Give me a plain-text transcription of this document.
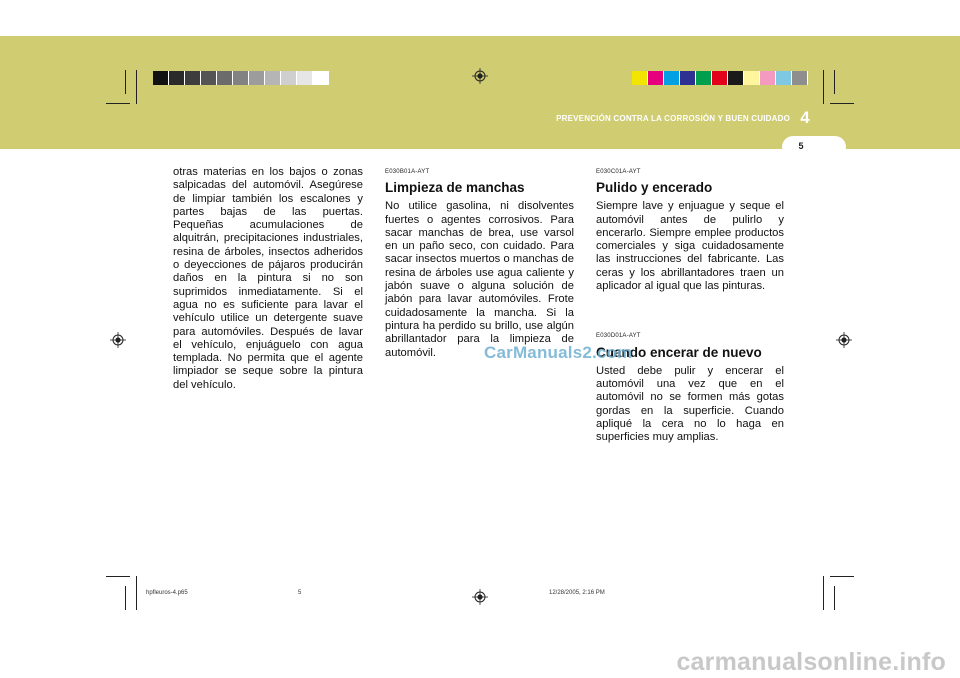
PREVENCIÓN CONTRA LA CORROSIÓN Y BUEN CUIDADO 4
5
otras materias en los bajos o zonas salpicadas del automóvil. Asegúrese de limpiar también los escalones y partes bajas de las puertas. Pequeñas acumulaciones de alquitrán, precipitaciones industriales, resina de árboles, insectos adheridos o deyecciones de pájaros producirán daños en la pintura si no son suprimidos inmediatamente. Si el agua no es suficiente para lavar el vehículo utilice un detergente suave para automóviles. Después de lavar el vehículo, enjuáguelo con agua templada. No permita que el agente limpiador se seque sobre la pintura del vehículo.
E030B01A-AYT
Limpieza de manchas
No utilice gasolina, ni disolventes fuertes o agentes corrosivos. Para sacar manchas de brea, use varsol en un paño seco, con cuidado. Para sacar insectos muertos o manchas de resina de árboles use agua caliente y jabón suave o alguna solución de jabón para lavar automóviles. Frote cuidadosamente la mancha. Si la pintura ha perdido su brillo, use algún abrillantador para la limpieza de automóvil.
E030C01A-AYT
Pulido y encerado
Siempre lave y enjuague y seque el automóvil antes de pulirlo y encerarlo. Siempre emplee productos comerciales y siga cuidadosamente las instrucciones del fabricante. Las ceras y los abrillantadores traen un aplicador al igual que las pinturas.
E030D01A-AYT
Cuando encerar de nuevo
Usted debe pulir y encerar el automóvil una vez que en el automóvil no se formen más gotas gordas en la superficie. Cuando apliqué la cera no lo haga en superficies muy amplias.
CarManuals2.com
hpfleuros-4.p65	5	12/28/2005, 2:16 PM
carmanualsonline.info
